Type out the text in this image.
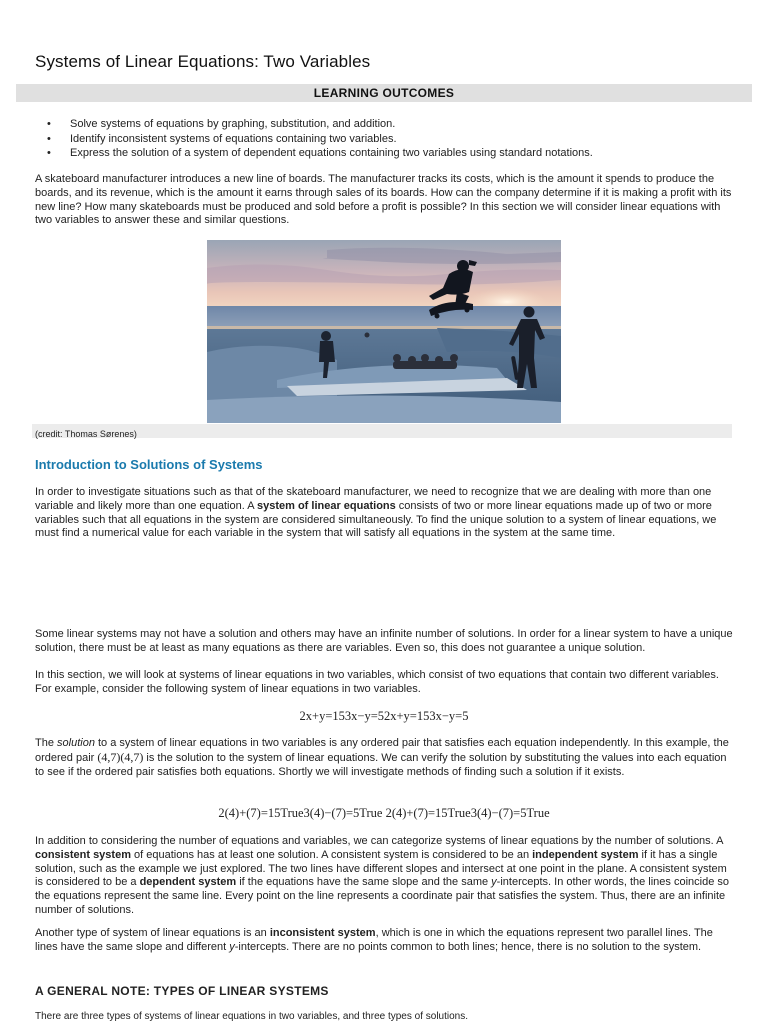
Systems of Linear Equations: Two Variables
LEARNING OUTCOMES
• Solve systems of equations by graphing, substitution, and addition.
• Identify inconsistent systems of equations containing two variables.
• Express the solution of a system of dependent equations containing two variables using standard notations.

A skateboard manufacturer introduces a new line of boards. The manufacturer tracks its costs, which is the amount it spends to produce the boards, and its revenue, which is the amount it earns through sales of its boards. How can the company determine if it is making a profit with its new line? How many skateboards must be produced and sold before a profit is possible? In this section we will consider linear equations with two variables to answer these and similar questions.

(credit: Thomas Sørenes)
Introduction to Solutions of Systems

In order to investigate situations such as that of the skateboard manufacturer, we need to recognize that we are dealing with more than one variable and likely more than one equation. A system of linear equations consists of two or more linear equations made up of two or more variables such that all equations in the system are considered simultaneously. To find the unique solution to a system of linear equations, we must find a numerical value for each variable in the system that will satisfy all equations in the system at the same time.

Some linear systems may not have a solution and others may have an infinite number of solutions. In order for a linear system to have a unique solution, there must be at least as many equations as there are variables. Even so, this does not guarantee a unique solution.

In this section, we will look at systems of linear equations in two variables, which consist of two equations that contain two different variables. For example, consider the following system of linear equations in two variables.

2x+y=153x−y=52x+y=153x−y=5

The solution to a system of linear equations in two variables is any ordered pair that satisfies each equation independently. In this example, the ordered pair (4,7)(4,7) is the solution to the system of linear equations. We can verify the solution by substituting the values into each equation to see if the ordered pair satisfies both equations. Shortly we will investigate methods of finding such a solution if it exists.

2(4)+(7)=15True3(4)−(7)=5True 2(4)+(7)=15True3(4)−(7)=5True

In addition to considering the number of equations and variables, we can categorize systems of linear equations by the number of solutions. A consistent system of equations has at least one solution. A consistent system is considered to be an independent system if it has a single solution, such as the example we just explored. The two lines have different slopes and intersect at one point in the plane. A consistent system is considered to be a dependent system if the equations have the same slope and the same y-intercepts. In other words, the lines coincide so the equations represent the same line. Every point on the line represents a coordinate pair that satisfies the system. Thus, there are an infinite number of solutions.

Another type of system of linear equations is an inconsistent system, which is one in which the equations represent two parallel lines. The lines have the same slope and different y-intercepts. There are no points common to both lines; hence, there is no solution to the system.

A GENERAL NOTE: TYPES OF LINEAR SYSTEMS

There are three types of systems of linear equations in two variables, and three types of solutions.
